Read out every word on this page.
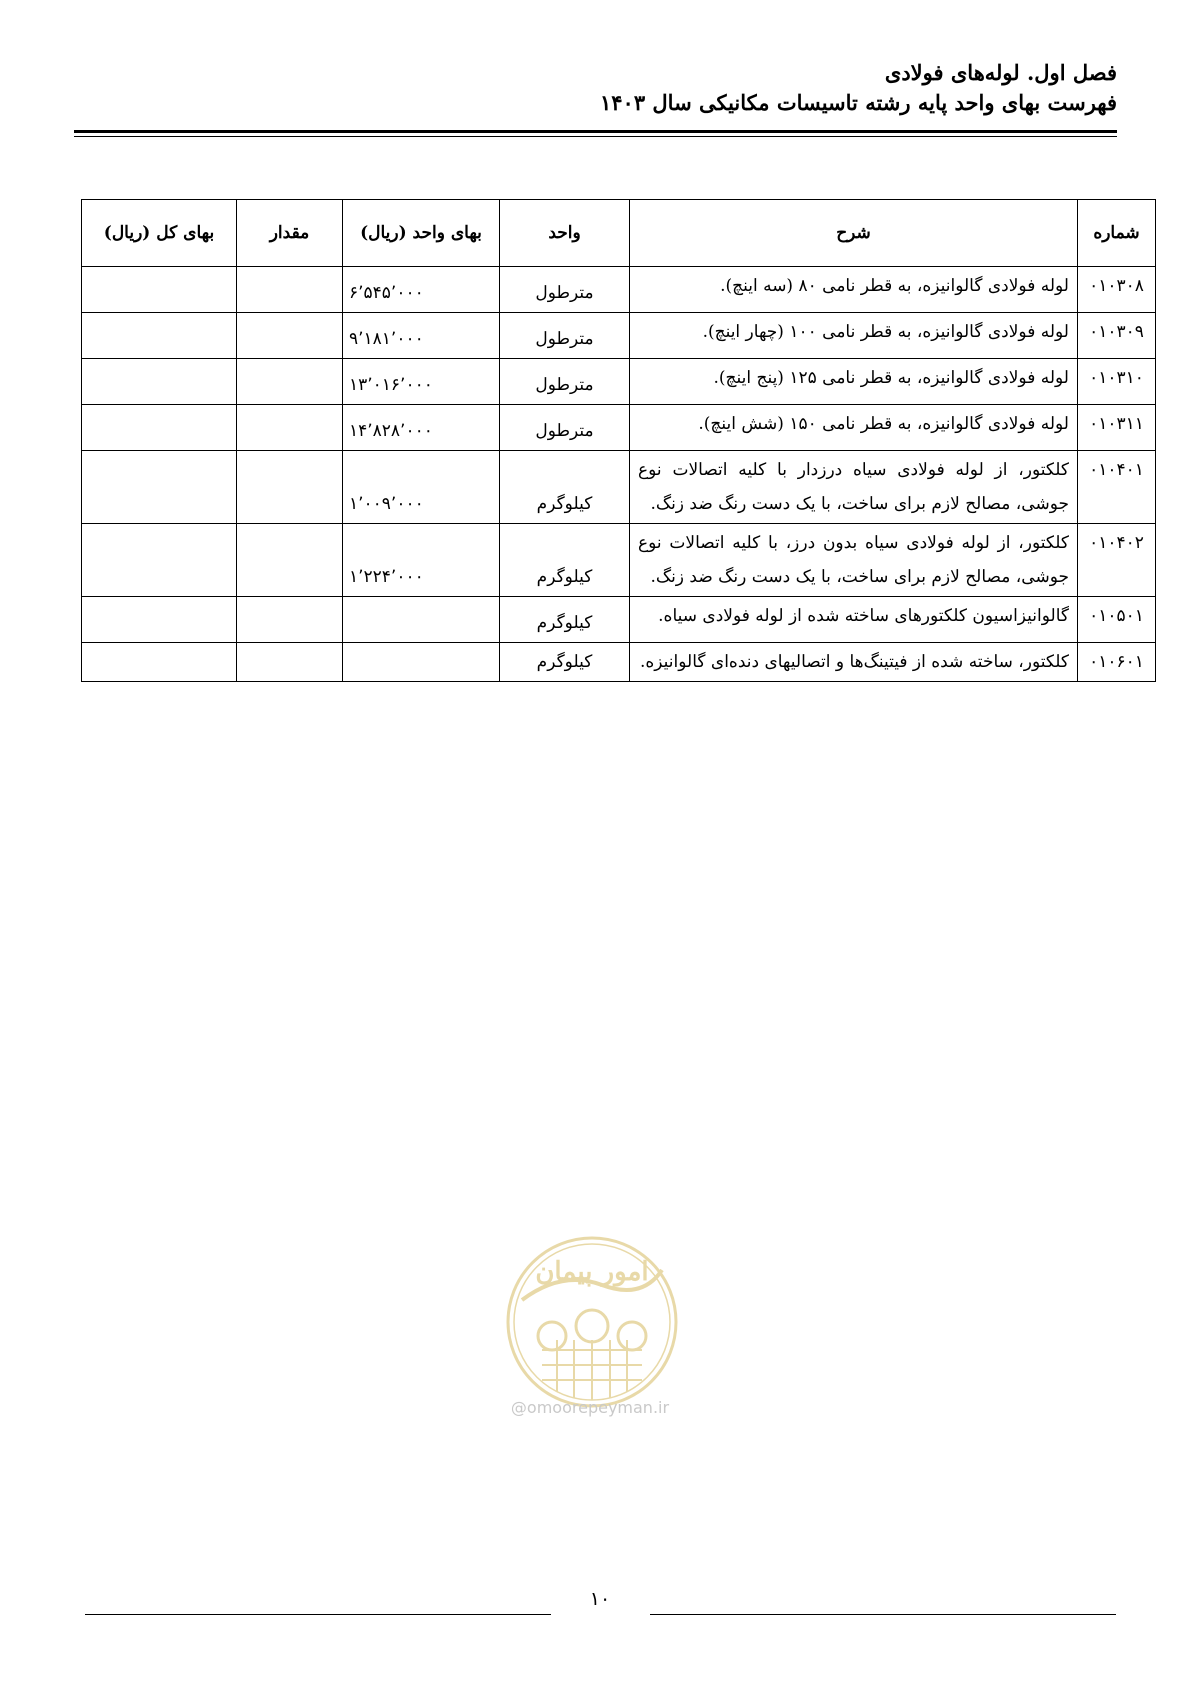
فصل اول. لوله‌های فولادی
فهرست بهای واحد پایه رشته تاسیسات مکانیکی سال ۱۴۰۳
شماره	شرح	واحد	بهای واحد (ریال)	مقدار	بهای کل (ریال)
۰۱۰۳۰۸	لوله فولادی گالوانیزه، به قطر نامی ۸۰ (سه اینچ).	مترطول	۶٬۵۴۵٬۰۰۰		
۰۱۰۳۰۹	لوله فولادی گالوانیزه، به قطر نامی ۱۰۰ (چهار اینچ).	مترطول	۹٬۱۸۱٬۰۰۰		
۰۱۰۳۱۰	لوله فولادی گالوانیزه، به قطر نامی ۱۲۵ (پنج اینچ).	مترطول	۱۳٬۰۱۶٬۰۰۰		
۰۱۰۳۱۱	لوله فولادی گالوانیزه، به قطر نامی ۱۵۰ (شش اینچ).	مترطول	۱۴٬۸۲۸٬۰۰۰		
۰۱۰۴۰۱	کلکتور، از لوله فولادی سیاه درزدار با کلیه اتصالات نوع جوشی، مصالح لازم برای ساخت، با یک دست رنگ ضد زنگ.	کیلوگرم	۱٬۰۰۹٬۰۰۰		
۰۱۰۴۰۲	کلکتور، از لوله فولادی سیاه بدون درز، با کلیه اتصالات نوع جوشی، مصالح لازم برای ساخت، با یک دست رنگ ضد زنگ.	کیلوگرم	۱٬۲۲۴٬۰۰۰		
۰۱۰۵۰۱	گالوانیزاسیون کلکتورهای ساخته شده از لوله فولادی سیاه.	کیلوگرم			
۰۱۰۶۰۱	کلکتور، ساخته شده از فیتینگ‌ها و اتصالیهای دنده‌ای گالوانیزه.	کیلوگرم			
امور پیمان
@omoorepeyman.ir
۱۰
